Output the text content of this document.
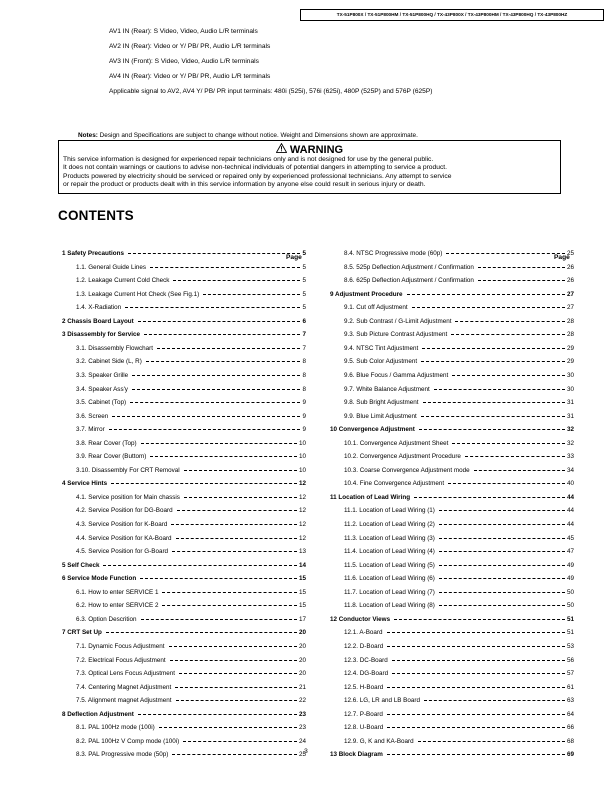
TX-51P800X / TX-51P800HM / TX-51P800HQ / TX-43P800X / TX-43P800HM / TX-43P800HQ / TX-43P800HZ
AV1 IN (Rear): S Video, Video, Audio L/R terminals
AV2 IN (Rear): Video or Y/ PB/ PR, Audio L/R terminals
AV3 IN (Front): S Video, Video, Audio L/R terminals
AV4 IN (Rear): Video or Y/ PB/ PR, Audio L/R terminals
Applicable signal to AV2, AV4 Y/ PB/ PR input terminals: 480i (525i), 576i (625i), 480P (525P) and 576P (625P)
Notes: Design and Specifications are subject to change without notice. Weight and Dimensions shown are approximate.
WARNING
This service information is designed for experienced repair technicians only and is not designed for use by the general public.
It does not contain warnings or cautions to advise non-technical individuals of potential dangers in attempting to service a product.
Products powered by electricity should be serviced or repaired only by experienced professional technicians. Any attempt to service
or repair the product or products dealt with in this service information by anyone else could result in serious injury or death.
CONTENTS
Page	Page
1 Safety Precautions	5
1.1. General Guide Lines	5
1.2. Leakage Current Cold Check	5
1.3. Leakage Current Hot Check (See Fig.1)	5
1.4. X-Radiation	5
2 Chassis Board Layout	6
3 Disassembly for Service	7
3.1. Disassembly Flowchart	7
3.2. Cabinet Side (L, R)	8
3.3. Speaker Grille	8
3.4. Speaker Ass'y	8
3.5. Cabinet (Top)	9
3.6. Screen	9
3.7. Mirror	9
3.8. Rear Cover (Top)	10
3.9. Rear Cover (Buttom)	10
3.10. Disassembly For CRT Removal	10
4 Service Hints	12
4.1. Service position for Main chassis	12
4.2. Service Position for DG-Board	12
4.3. Service Position for K-Board	12
4.4. Service Position for KA-Board	12
4.5. Service Position for G-Board	13
5 Self Check	14
6 Service Mode Function	15
6.1. How to enter SERVICE 1	15
6.2. How to enter SERVICE 2	15
6.3. Option Descrition	17
7 CRT Set Up	20
7.1. Dynamic Focus Adjustment	20
7.2. Electrical Focus Adjustment	20
7.3. Optical Lens Focus Adjustment	20
7.4. Centering Magnet Adjustment	21
7.5. Alignment magnet Adjustment	22
8 Deflection Adjustment	23
8.1. PAL 100Hz mode (100i)	23
8.2. PAL 100Hz V Comp mode (100i)	24
8.3. PAL Progressive mode (50p)	25
8.4. NTSC Progressive mode (60p)	25
8.5. 525p Deflection Adjustment / Confirmation	26
8.6. 625p Deflection Adjustment / Confirmation	26
9 Adjustment Procedure	27
9.1. Cut off Adjustment	27
9.2. Sub Contrast / G-Limit Adjustment	28
9.3. Sub Picture Contrast Adjustment	28
9.4. NTSC Tint Adjustment	29
9.5. Sub Color Adjustment	29
9.6. Blue Focus / Gamma Adjustment	30
9.7. White Balance Adjustment	30
9.8. Sub Bright Adjustment	31
9.9. Blue Limit Adjustment	31
10 Convergence Adjustment	32
10.1. Convergence Adjustment Sheet	32
10.2. Convergence Adjustment Procedure	33
10.3. Coarse Convergence Adjustment mode	34
10.4. Fine Convergence Adjustment	40
11 Location of Lead Wiring	44
11.1. Location of Lead Wiring (1)	44
11.2. Location of Lead Wiring (2)	44
11.3. Location of Lead Wiring (3)	45
11.4. Location of Lead Wiring (4)	47
11.5. Location of Lead Wiring (5)	49
11.6. Location of Lead Wiring (6)	49
11.7. Location of Lead Wiring (7)	50
11.8. Location of Lead Wiring (8)	50
12 Conductor Views	51
12.1. A-Board	51
12.2. D-Board	53
12.3. DC-Board	56
12.4. DG-Board	57
12.5. H-Board	61
12.6. LG, LR and LB Board	63
12.7. P-Board	64
12.8. U-Board	66
12.9. G, K and KA-Board	68
13 Block Diagram	69
3
